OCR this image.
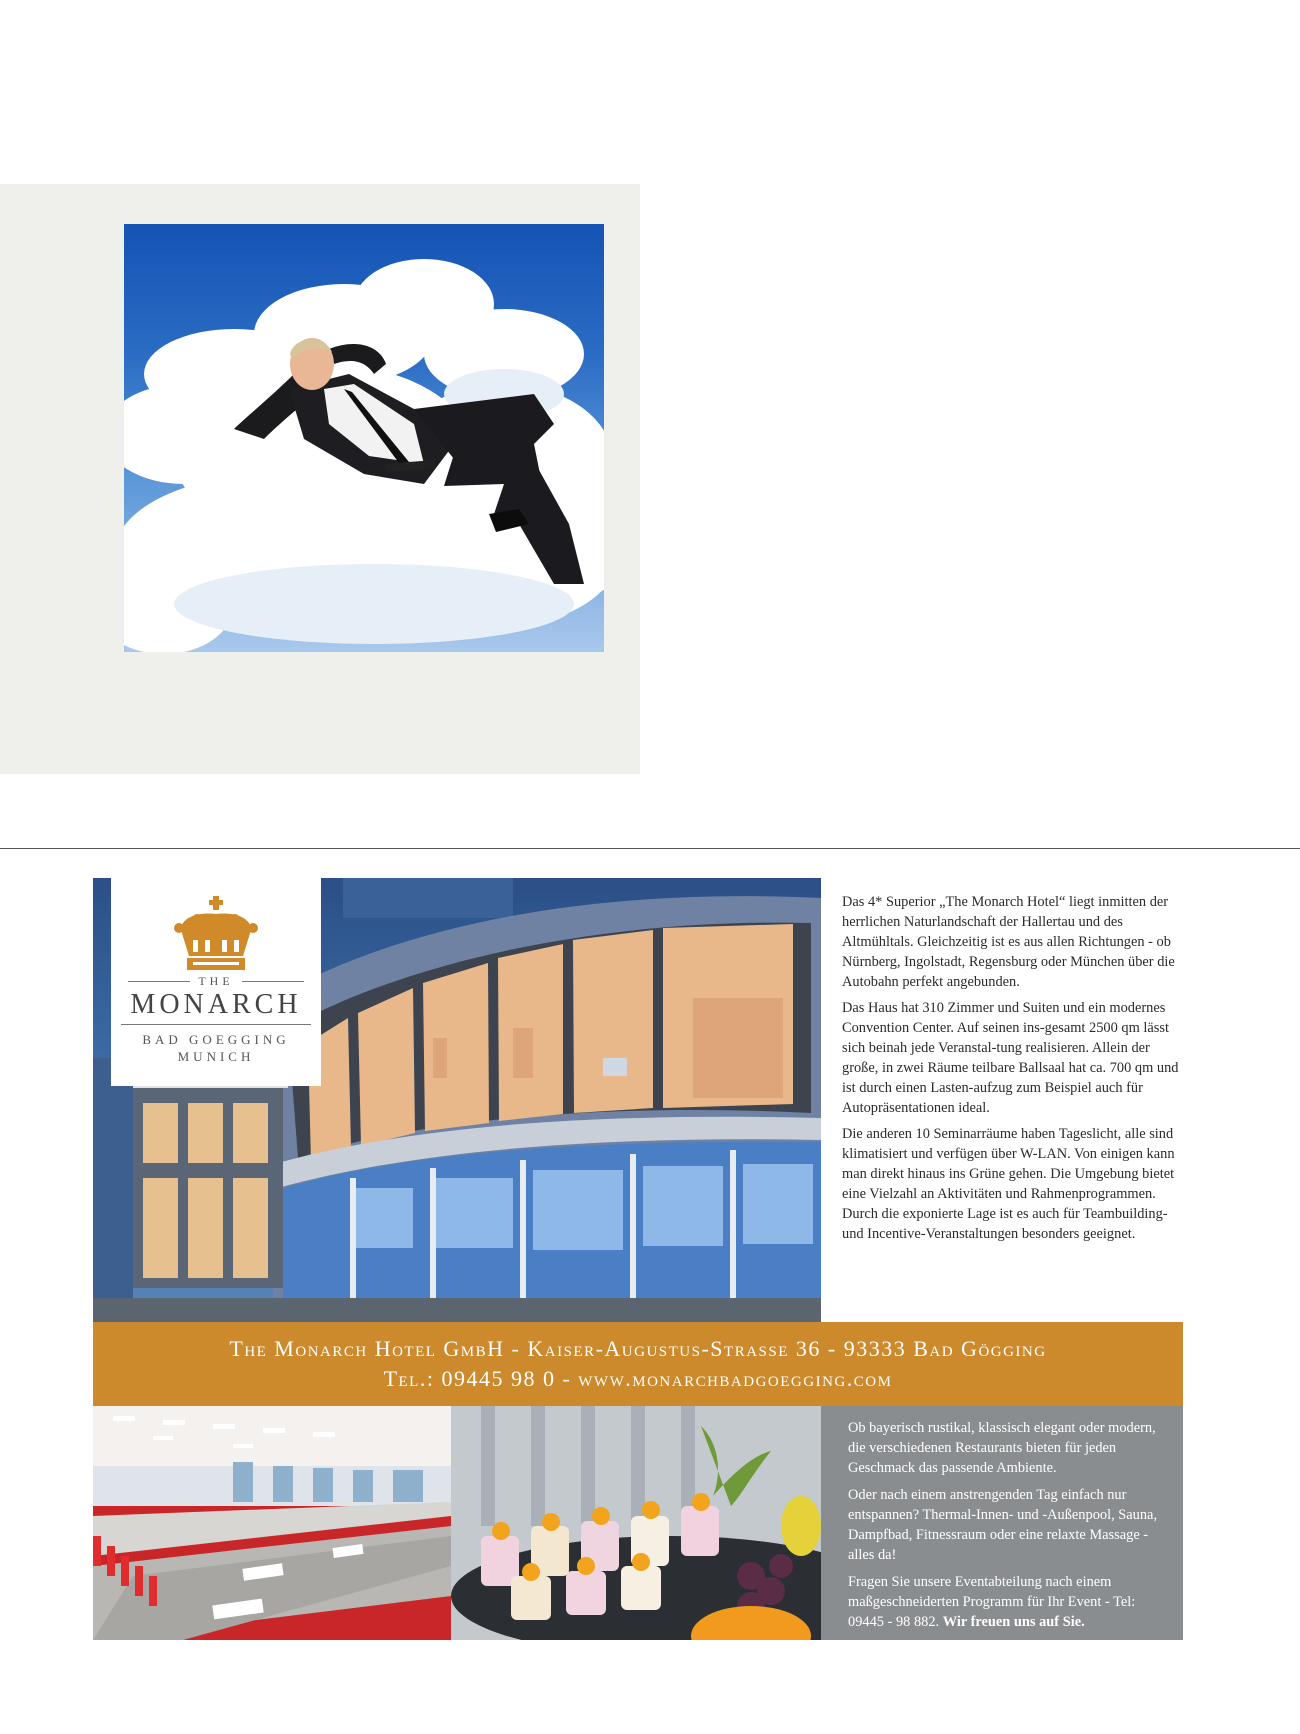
THE
MONARCH
BAD GOEGGING
MUNICH

Das 4* Superior „The Monarch Hotel“ liegt inmitten der herrlichen Naturlandschaft der Hallertau und des Altmühltals. Gleichzeitig ist es aus allen Richtungen - ob Nürnberg, Ingolstadt, Regensburg oder München über die Autobahn perfekt angebunden.

Das Haus hat 310 Zimmer und Suiten und ein modernes Convention Center. Auf seinen ins-gesamt 2500 qm lässt sich beinah jede Veranstal-tung realisieren. Allein der große, in zwei Räume teilbare Ballsaal hat ca. 700 qm und ist durch einen Lasten-aufzug zum Beispiel auch für Autopräsentationen ideal.

Die anderen 10 Seminarräume haben Tageslicht, alle sind klimatisiert und verfügen über W-LAN. Von einigen kann man direkt hinaus ins Grüne gehen. Die Umgebung bietet eine Vielzahl an Aktivitäten und Rahmenprogrammen. Durch die exponierte Lage ist es auch für Teambuilding- und Incentive-Veranstaltungen besonders geeignet.

The Monarch Hotel GmbH - Kaiser-Augustus-Strasse 36 - 93333 Bad Gögging
Tel.: 09445 98 0 - www.monarchbadgoegging.com

Ob bayerisch rustikal, klassisch elegant oder modern, die verschiedenen Restaurants bieten für jeden Geschmack das passende Ambiente.

Oder nach einem anstrengenden Tag einfach nur entspannen? Thermal-Innen- und -Außenpool, Sauna, Dampfbad, Fitnessraum oder eine relaxte Massage - alles da!

Fragen Sie unsere Eventabteilung nach einem maßgeschneiderten Programm für Ihr Event - Tel: 09445 - 98 882. Wir freuen uns auf Sie.
